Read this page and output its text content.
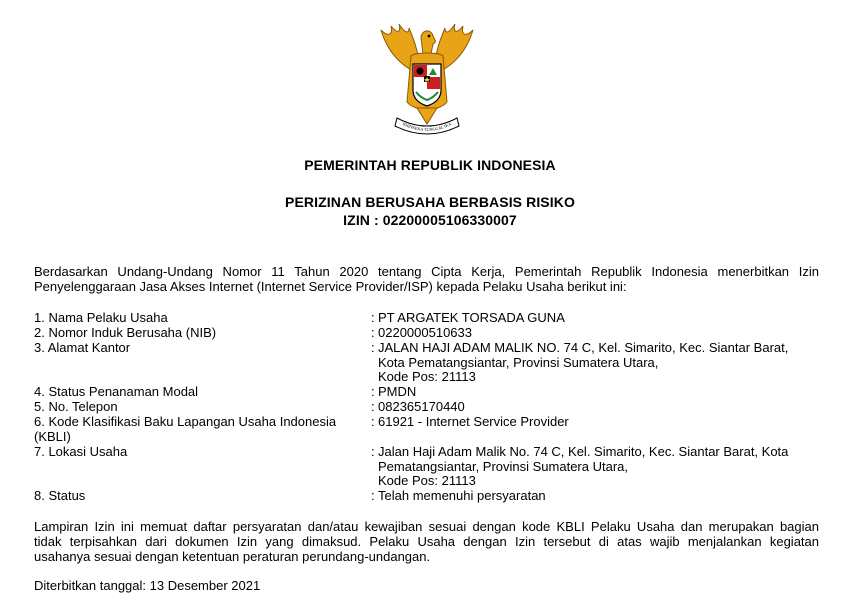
BHINNEKA TUNGGAL IKA
PEMERINTAH REPUBLIK INDONESIA
PERIZINAN BERUSAHA BERBASIS RISIKO
IZIN : 02200005106330007
Berdasarkan Undang-Undang Nomor 11 Tahun 2020 tentang Cipta Kerja, Pemerintah Republik Indonesia menerbitkan Izin
Penyelenggaraan Jasa Akses Internet (Internet Service Provider/ISP) kepada Pelaku Usaha berikut ini:
1. Nama Pelaku Usaha	: PT ARGATEK TORSADA GUNA
2. Nomor Induk Berusaha (NIB)	: 0220000510633
3. Alamat Kantor	: JALAN HAJI ADAM MALIK NO. 74 C, Kel. Simarito, Kec. Siantar Barat,
Kota Pematangsiantar, Provinsi Sumatera Utara,
Kode Pos: 21113
4. Status Penanaman Modal	: PMDN
5. No. Telepon	: 082365170440
6. Kode Klasifikasi Baku Lapangan Usaha Indonesia
(KBLI)
: 61921 - Internet Service Provider
7. Lokasi Usaha	: Jalan Haji Adam Malik No. 74 C, Kel. Simarito, Kec. Siantar Barat, Kota
Pematangsiantar, Provinsi Sumatera Utara,
Kode Pos: 21113
8. Status	: Telah memenuhi persyaratan
Lampiran Izin ini memuat daftar persyaratan dan/atau kewajiban sesuai dengan kode KBLI Pelaku Usaha dan merupakan bagian
tidak terpisahkan dari dokumen Izin yang dimaksud. Pelaku Usaha dengan Izin tersebut di atas wajib menjalankan kegiatan
usahanya sesuai dengan ketentuan peraturan perundang-undangan.
Diterbitkan tanggal: 13 Desember 2021
